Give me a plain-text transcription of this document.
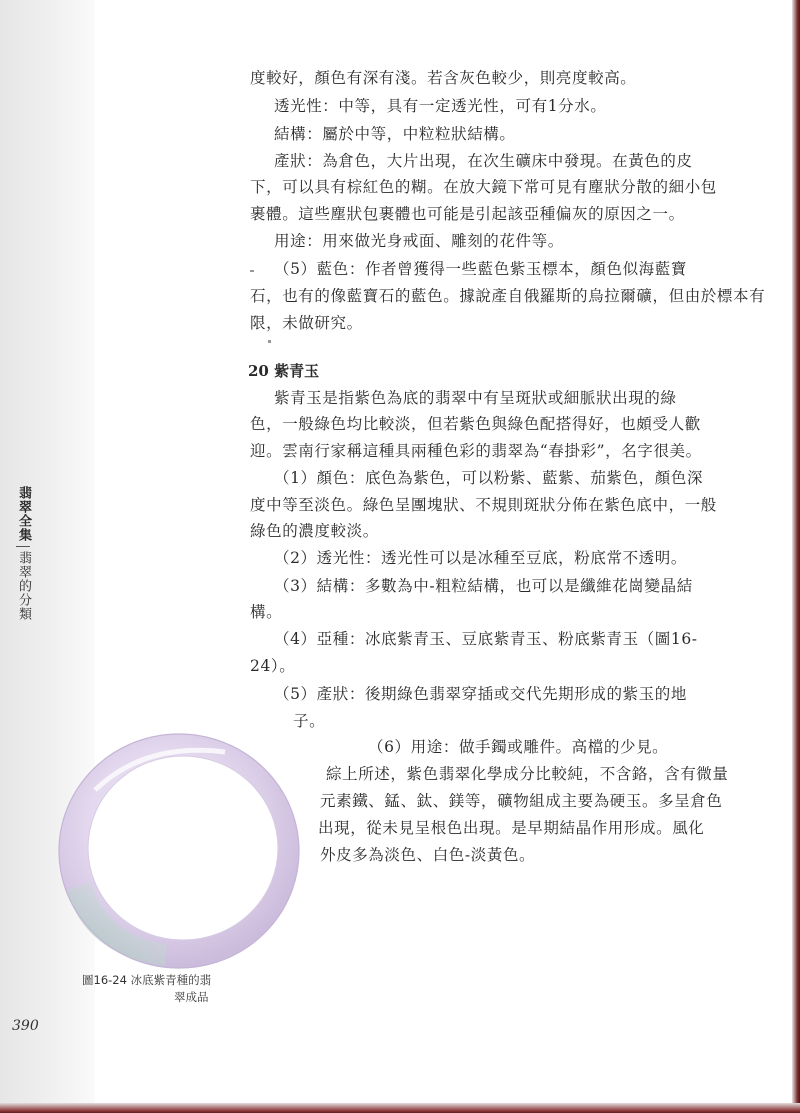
度較好，顏色有深有淺。若含灰色較少，則亮度較高。
透光性：中等，具有一定透光性，可有1分水。
結構：屬於中等，中粒粒狀結構。
產狀：為倉色，大片出現，在次生礦床中發現。在黃色的皮
下，可以具有棕紅色的糊。在放大鏡下常可見有塵狀分散的細小包
裹體。這些塵狀包裹體也可能是引起該亞種偏灰的原因之一。
用途：用來做光身戒面、雕刻的花件等。
（5）藍色：作者曾獲得一些藍色紫玉標本，顏色似海藍寶
石，也有的像藍寶石的藍色。據說產自俄羅斯的烏拉爾礦，但由於標本有
限，未做研究。
20 紫青玉
紫青玉是指紫色為底的翡翠中有呈斑狀或細脈狀出現的綠
色，一般綠色均比較淡，但若紫色與綠色配搭得好，也頗受人歡
迎。雲南行家稱這種具兩種色彩的翡翠為“春掛彩”，名字很美。
（1）顏色：底色為紫色，可以粉紫、藍紫、茄紫色，顏色深
度中等至淡色。綠色呈團塊狀、不規則斑狀分佈在紫色底中，一般
綠色的濃度較淡。
（2）透光性：透光性可以是冰種至豆底，粉底常不透明。
（3）結構：多數為中-粗粒結構，也可以是纖維花崗變晶結
構。
（4）亞種：冰底紫青玉、豆底紫青玉、粉底紫青玉（圖16-
24）。
（5）產狀：後期綠色翡翠穿插或交代先期形成的紫玉的地
子。
（6）用途：做手鐲或雕件。高檔的少見。
綜上所述，紫色翡翠化學成分比較純，不含鉻，含有微量
元素鐵、錳、鈦、鎂等，礦物組成主要為硬玉。多呈倉色
出現，從未見呈根色出現。是早期結晶作用形成。風化
外皮多為淡色、白色-淡黃色。
翡翠全集翡翠的分類
圖16-24 冰底紫青種的翡
翠成品
390
